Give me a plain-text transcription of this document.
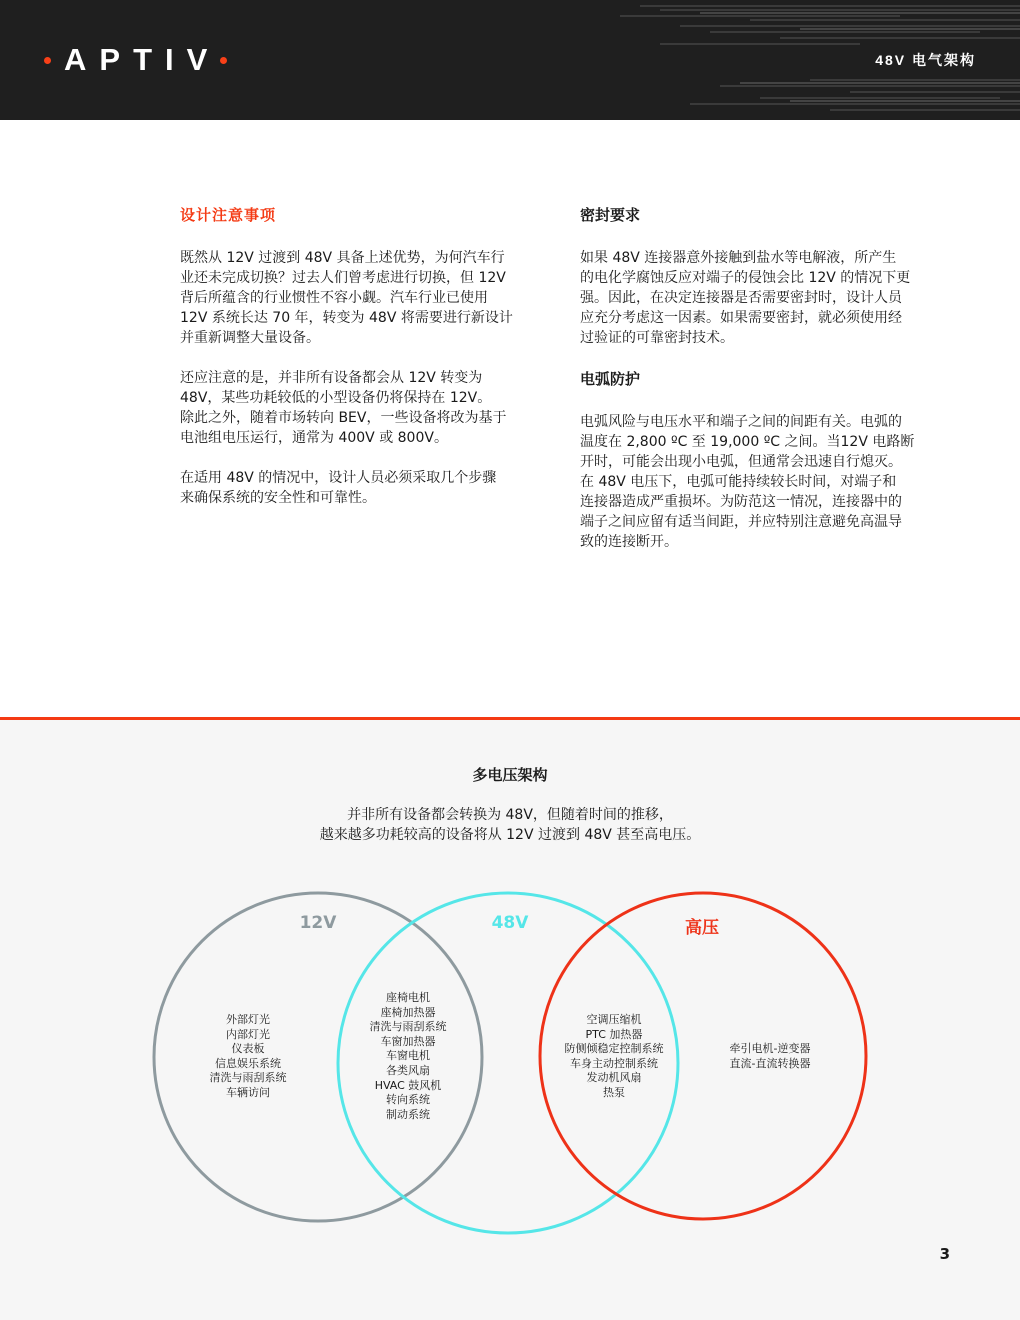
APTIV	48V 电气架构
设计注意事项

既然从 12V 过渡到 48V 具备上述优势，为何汽车行
业还未完成切换？过去人们曾考虑进行切换，但 12V
背后所蕴含的行业惯性不容小觑。汽车行业已使用
12V 系统长达 70 年，转变为 48V 将需要进行新设计
并重新调整大量设备。

还应注意的是，并非所有设备都会从 12V 转变为
48V，某些功耗较低的小型设备仍将保持在 12V。
除此之外，随着市场转向 BEV，一些设备将改为基于
电池组电压运行，通常为 400V 或 800V。

在适用 48V 的情况中，设计人员必须采取几个步骤
来确保系统的安全性和可靠性。

密封要求

如果 48V 连接器意外接触到盐水等电解液，所产生
的电化学腐蚀反应对端子的侵蚀会比 12V 的情况下更
强。因此，在决定连接器是否需要密封时，设计人员
应充分考虑这一因素。如果需要密封，就必须使用经
过验证的可靠密封技术。

电弧防护

电弧风险与电压水平和端子之间的间距有关。电弧的
温度在 2,800 ºC 至 19,000 ºC 之间。当12V 电路断
开时，可能会出现小电弧，但通常会迅速自行熄灭。
在 48V 电压下，电弧可能持续较长时间，对端子和
连接器造成严重损坏。为防范这一情况，连接器中的
端子之间应留有适当间距，并应特别注意避免高温导
致的连接断开。

多电压架构
并非所有设备都会转换为 48V，但随着时间的推移，
越来越多功耗较高的设备将从 12V 过渡到 48V 甚至高电压。
12V	48V	高压
外部灯光
内部灯光
仪表板
信息娱乐系统
清洗与雨刮系统
车辆访问
座椅电机
座椅加热器
清洗与雨刮系统
车窗加热器
车窗电机
各类风扇
HVAC 鼓风机
转向系统
制动系统
空调压缩机
PTC 加热器
防侧倾稳定控制系统
车身主动控制系统
发动机风扇
热泵
牵引电机-逆变器
直流-直流转换器
3
